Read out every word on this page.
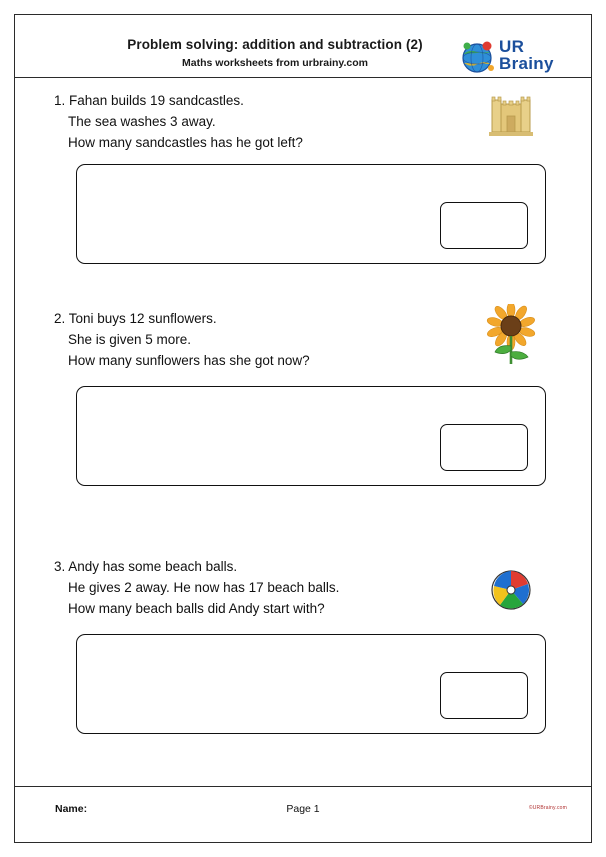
Problem solving: addition and subtraction (2)
Maths worksheets from urbrainy.com
UR
Brainy
1. Fahan builds 19 sandcastles.
The sea washes 3 away.
How many sandcastles has he got left?
2. Toni buys 12 sunflowers.
She is given 5 more.
How many sunflowers has she got now?
3. Andy has some beach balls.
He gives 2 away. He now has 17 beach balls.
How many beach balls did Andy start with?
Name:	Page 1	©URBrainy.com
